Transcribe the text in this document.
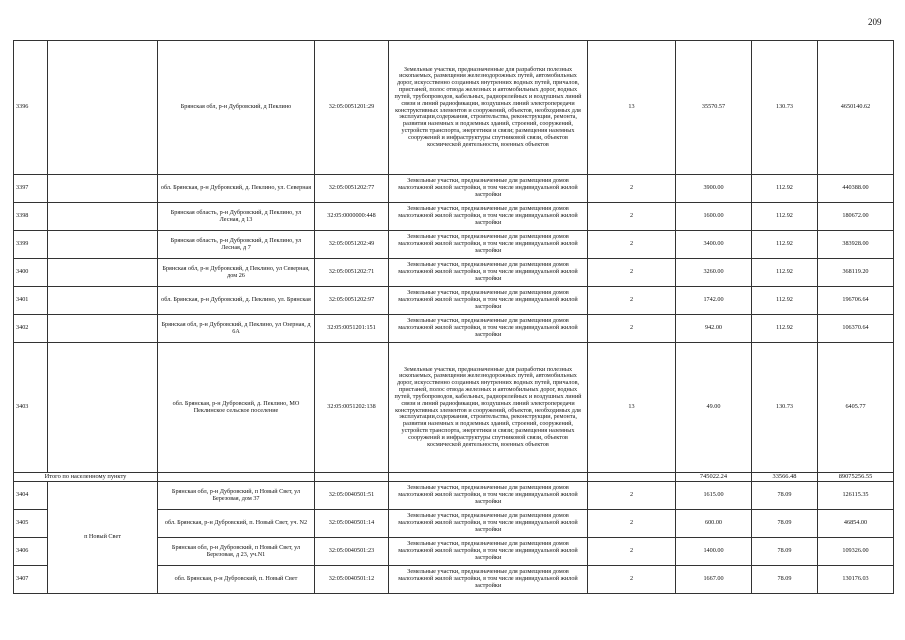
209
3396		Брянская обл, р-н Дубровский, д Пеклино	32:05:0051201:29	Земельные участки, предназначенные для разработки полезных ископаемых, размещения железнодорожных путей, автомобильных дорог, искусственно созданных внутренних водных путей, причалов, пристаней, полос отвода железных и автомобильных дорог, водных путей, трубопроводов, кабельных, радиорелейных и воздушных линий связи и линий радиофикации, воздушных линий электропередачи конструктивных элементов и сооружений, объектов, необходимых для эксплуатации,содержания, строительства, реконструкции, ремонта, развития наземных и подземных зданий, строений, сооружений, устройств транспорта, энергетики и связи; размещения наземных сооружений и инфраструктуры спутниковой связи, объектов космической деятельности, военных объектов	13	35570.57	130.73	4650140.62
3397		обл. Брянская, р-н Дубровский, д. Пеклино, ул. Северная	32:05:0051202:77	Земельные участки, предназначенные для размещения домов малоэтажной жилой застройки, в том числе индивидуальной жилой застройки	2	3900.00	112.92	440388.00
3398		Брянская область, р-н Дубровский, д Пеклино, ул Лесная, д 13	32:05:0000000:448	Земельные участки, предназначенные для размещения домов малоэтажной жилой застройки, в том числе индивидуальной жилой застройки	2	1600.00	112.92	180672.00
3399		Брянская область, р-н Дубровский, д Пеклино, ул Лесная, д 7	32:05:0051202:49	Земельные участки, предназначенные для размещения домов малоэтажной жилой застройки, в том числе индивидуальной жилой застройки	2	3400.00	112.92	383928.00
3400		Брянская обл, р-н Дубровский, д Пеклино, ул Северная, дом 26	32:05:0051202:71	Земельные участки, предназначенные для размещения домов малоэтажной жилой застройки, в том числе индивидуальной жилой застройки	2	3260.00	112.92	368119.20
3401		обл. Брянская, р-н Дубровский, д. Пеклино, ул. Брянская	32:05:0051202:97	Земельные участки, предназначенные для размещения домов малоэтажной жилой застройки, в том числе индивидуальной жилой застройки	2	1742.00	112.92	196706.64
3402		Брянская обл, р-н Дубровский, д Пеклино, ул Озерная, д 6А	32:05:0051201:151	Земельные участки, предназначенные для размещения домов малоэтажной жилой застройки, в том числе индивидуальной жилой застройки	2	942.00	112.92	106370.64
3403		обл. Брянская, р-н Дубровский, д. Пеклино, МО Пеклинское сельское поселение	32:05:0051202:138	Земельные участки, предназначенные для разработки полезных ископаемых, размещения железнодорожных путей, автомобильных дорог, искусственно созданных внутренних водных путей, причалов, пристаней, полос отвода железных и автомобильных дорог, водных путей, трубопроводов, кабельных, радиорелейных и воздушных линий связи и линий радиофикации, воздушных линий электропередачи конструктивных элементов и сооружений, объектов, необходимых для эксплуатации,содержания, строительства, реконструкции, ремонта, развития наземных и подземных зданий, строений, сооружений, устройств транспорта, энергетики и связи; размещения наземных сооружений и инфраструктуры спутниковой связи, объектов космической деятельности, военных объектов	13	49.00	130.73	6405.77
Итого по населенному пункту						745022.24	33566.48	89075256.55
3404	п Новый Свет	Брянская обл, р-н Дубровский, п Новый Свет, ул Березовая, дом 37	32:05:0040501:51	Земельные участки, предназначенные для размещения домов малоэтажной жилой застройки, в том числе индивидуальной жилой застройки	2	1615.00	78.09	126115.35
3405		обл. Брянская, р-н Дубровский, п. Новый Свет, уч. N2	32:05:0040501:14	Земельные участки, предназначенные для размещения домов малоэтажной жилой застройки, в том числе индивидуальной жилой застройки	2	600.00	78.09	46854.00
3406		Брянская обл, р-н Дубровский, п Новый Свет, ул Березовая, д 23, уч.N1	32:05:0040501:23	Земельные участки, предназначенные для размещения домов малоэтажной жилой застройки, в том числе индивидуальной жилой застройки	2	1400.00	78.09	109326.00
3407		обл. Брянская, р-н Дубровский, п. Новый Свет	32:05:0040501:12	Земельные участки, предназначенные для размещения домов малоэтажной жилой застройки, в том числе индивидуальной жилой застройки	2	1667.00	78.09	130176.03
